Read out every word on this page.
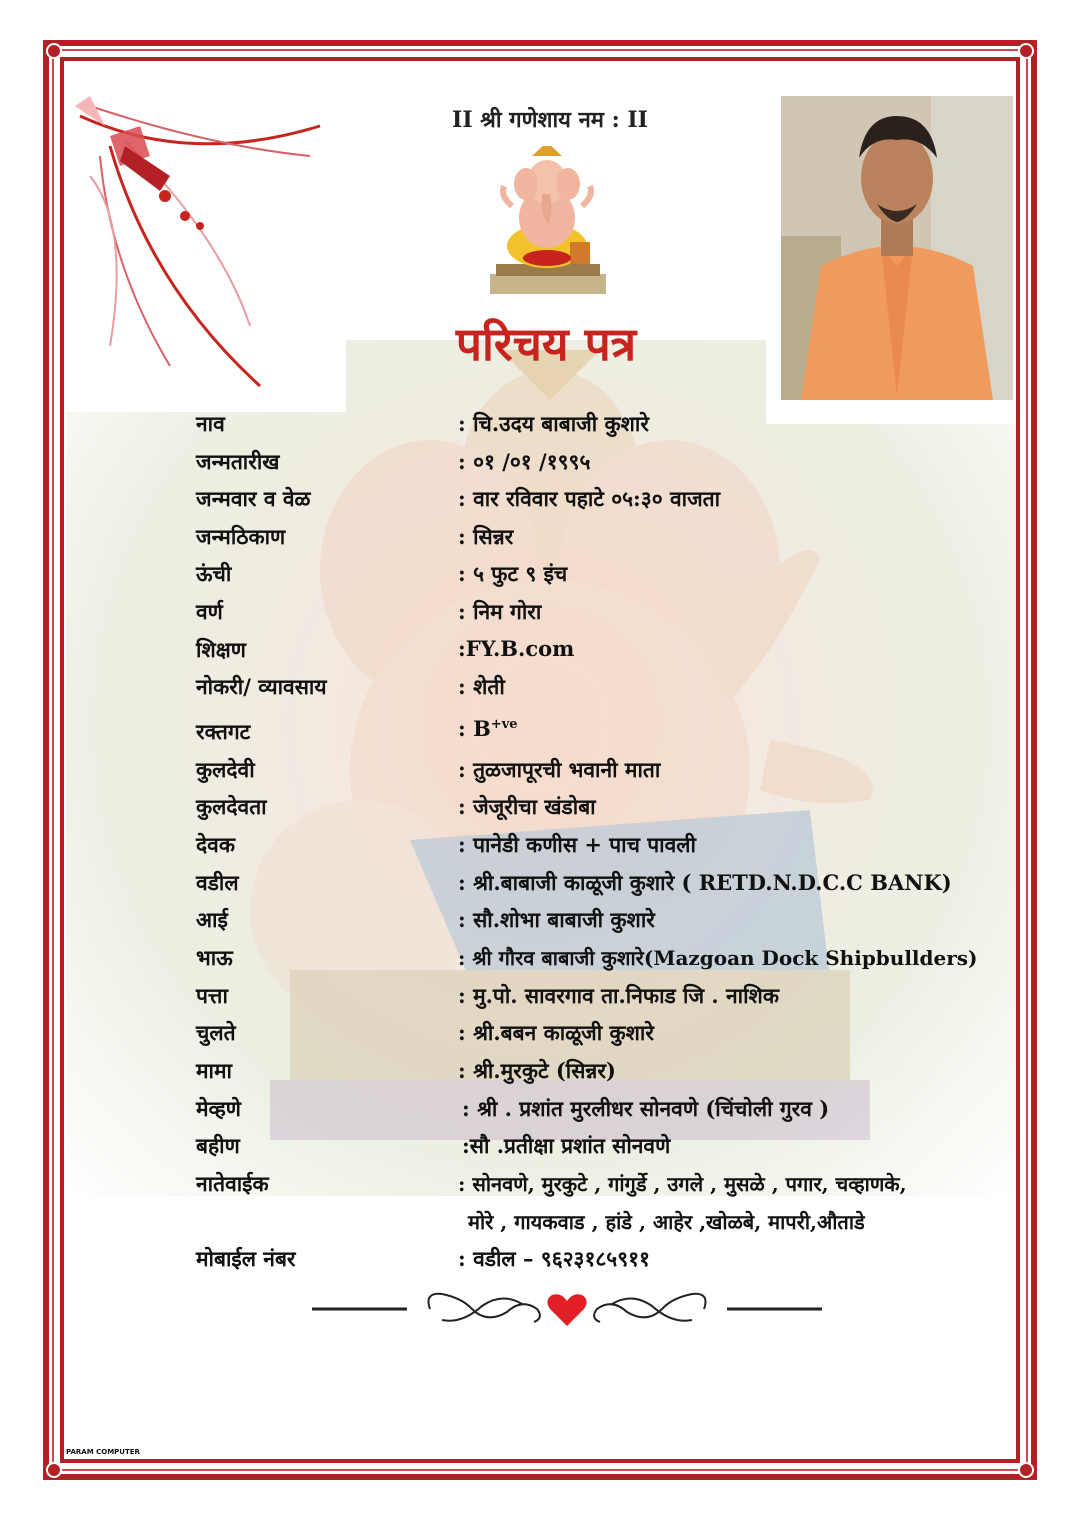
II श्री गणेशाय नम : II
परिचय पत्र
नाव	: चि.उदय बाबाजी कुशारे
जन्मतारीख	: ०१ /०१ /१९९५
जन्मवार व वेळ	: वार रविवार पहाटे ०५:३० वाजता
जन्मठिकाण	: सिन्नर
ऊंची	: ५ फुट ९ इंच
वर्ण	: निम गोरा
शिक्षण	:FY.B.com
नोकरी/ व्यावसाय	: शेती
रक्तगट	: $B^{+ve}$
कुलदेवी	: तुळजापूरची भवानी माता
कुलदेवता	: जेजूरीचा खंडोबा
देवक	: पानेडी कणीस + पाच पावली
वडील	: श्री.बाबाजी काळूजी कुशारे ( RETD.N.D.C.C BANK)
आई	: सौ.शोभा बाबाजी कुशारे
भाऊ	: श्री गौरव बाबाजी कुशारे(Mazgoan Dock Shipbullders)
पत्ता	: मु.पो. सावरगाव ता.निफाड जि . नाशिक
चुलते	: श्री.बबन काळूजी कुशारे
मामा	: श्री.मुरकुटे (सिन्नर)
मेव्हणे	: श्री . प्रशांत मुरलीधर सोनवणे (चिंचोली गुरव )
बहीण	:सौ .प्रतीक्षा प्रशांत सोनवणे
नातेवाईक	: सोनवणे, मुरकुटे , गांगुर्डे , उगले , मुसळे , पगार, चव्हाणके,
मोरे , गायकवाड , हांडे , आहेर ,खोळबे, मापरी,औताडे
मोबाईल नंबर	: वडील – ९६२३१८५९११
PARAM COMPUTER
